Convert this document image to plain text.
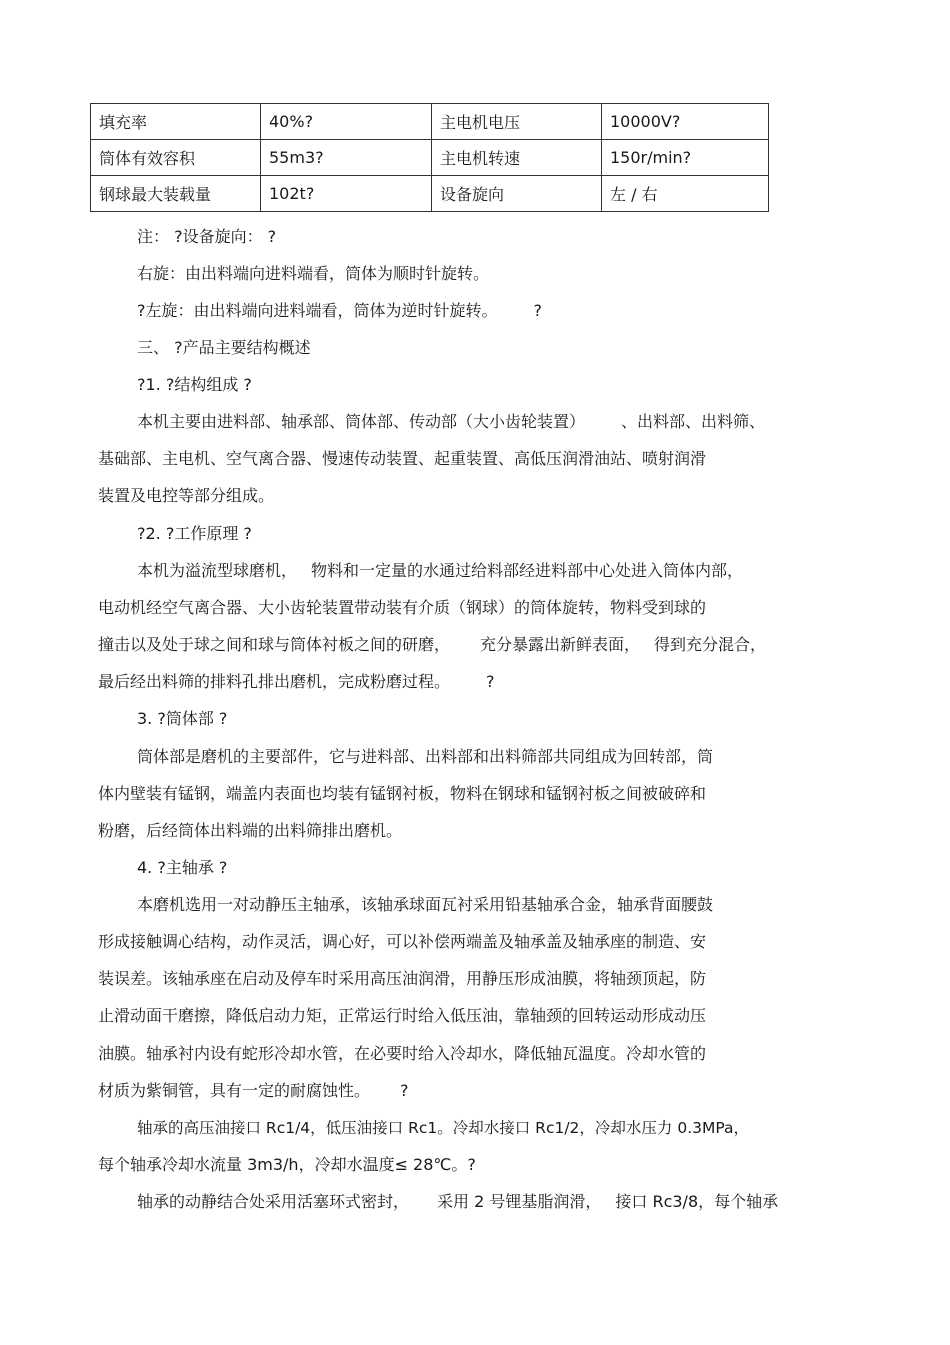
填充率	40%?	主电机电压	10000V?
筒体有效容积	55m3?	主电机转速	150r/min?
钢球最大装载量	102t?	设备旋向	左 / 右
注： ?设备旋向： ?
右旋：由出料端向进料端看，筒体为顺时针旋转。
?左旋：由出料端向进料端看，筒体为逆时针旋转。 ?
三、 ?产品主要结构概述
?1. ?结构组成 ?
本机主要由进料部、轴承部、筒体部、传动部（大小齿轮装置） 、出料部、出料筛、
基础部、主电机、空气离合器、慢速传动装置、起重装置、高低压润滑油站、喷射润滑
装置及电控等部分组成。
?2. ?工作原理 ?
本机为溢流型球磨机， 物料和一定量的水通过给料部经进料部中心处进入筒体内部，
电动机经空气离合器、大小齿轮装置带动装有介质（钢球）的筒体旋转，物料受到球的
撞击以及处于球之间和球与筒体衬板之间的研磨， 充分暴露出新鲜表面， 得到充分混合，
最后经出料筛的排料孔排出磨机，完成粉磨过程。 ?
3. ?筒体部 ?
筒体部是磨机的主要部件，它与进料部、出料部和出料筛部共同组成为回转部，筒
体内壁装有锰钢，端盖内表面也均装有锰钢衬板，物料在钢球和锰钢衬板之间被破碎和
粉磨，后经筒体出料端的出料筛排出磨机。
4. ?主轴承 ?
本磨机选用一对动静压主轴承，该轴承球面瓦衬采用铅基轴承合金，轴承背面腰鼓
形成接触调心结构，动作灵活，调心好，可以补偿两端盖及轴承盖及轴承座的制造、安
装误差。该轴承座在启动及停车时采用高压油润滑，用静压形成油膜，将轴颈顶起，防
止滑动面干磨擦，降低启动力矩，正常运行时给入低压油，靠轴颈的回转运动形成动压
油膜。轴承衬内设有蛇形冷却水管，在必要时给入冷却水，降低轴瓦温度。冷却水管的
材质为紫铜管，具有一定的耐腐蚀性。 ?
轴承的高压油接口 Rc1/4，低压油接口 Rc1。冷却水接口 Rc1/2，冷却水压力 0.3MPa，
每个轴承冷却水流量 3m3/h，冷却水温度≤ 28℃。?
轴承的动静结合处采用活塞环式密封， 采用 2 号锂基脂润滑， 接口 Rc3/8，每个轴承
